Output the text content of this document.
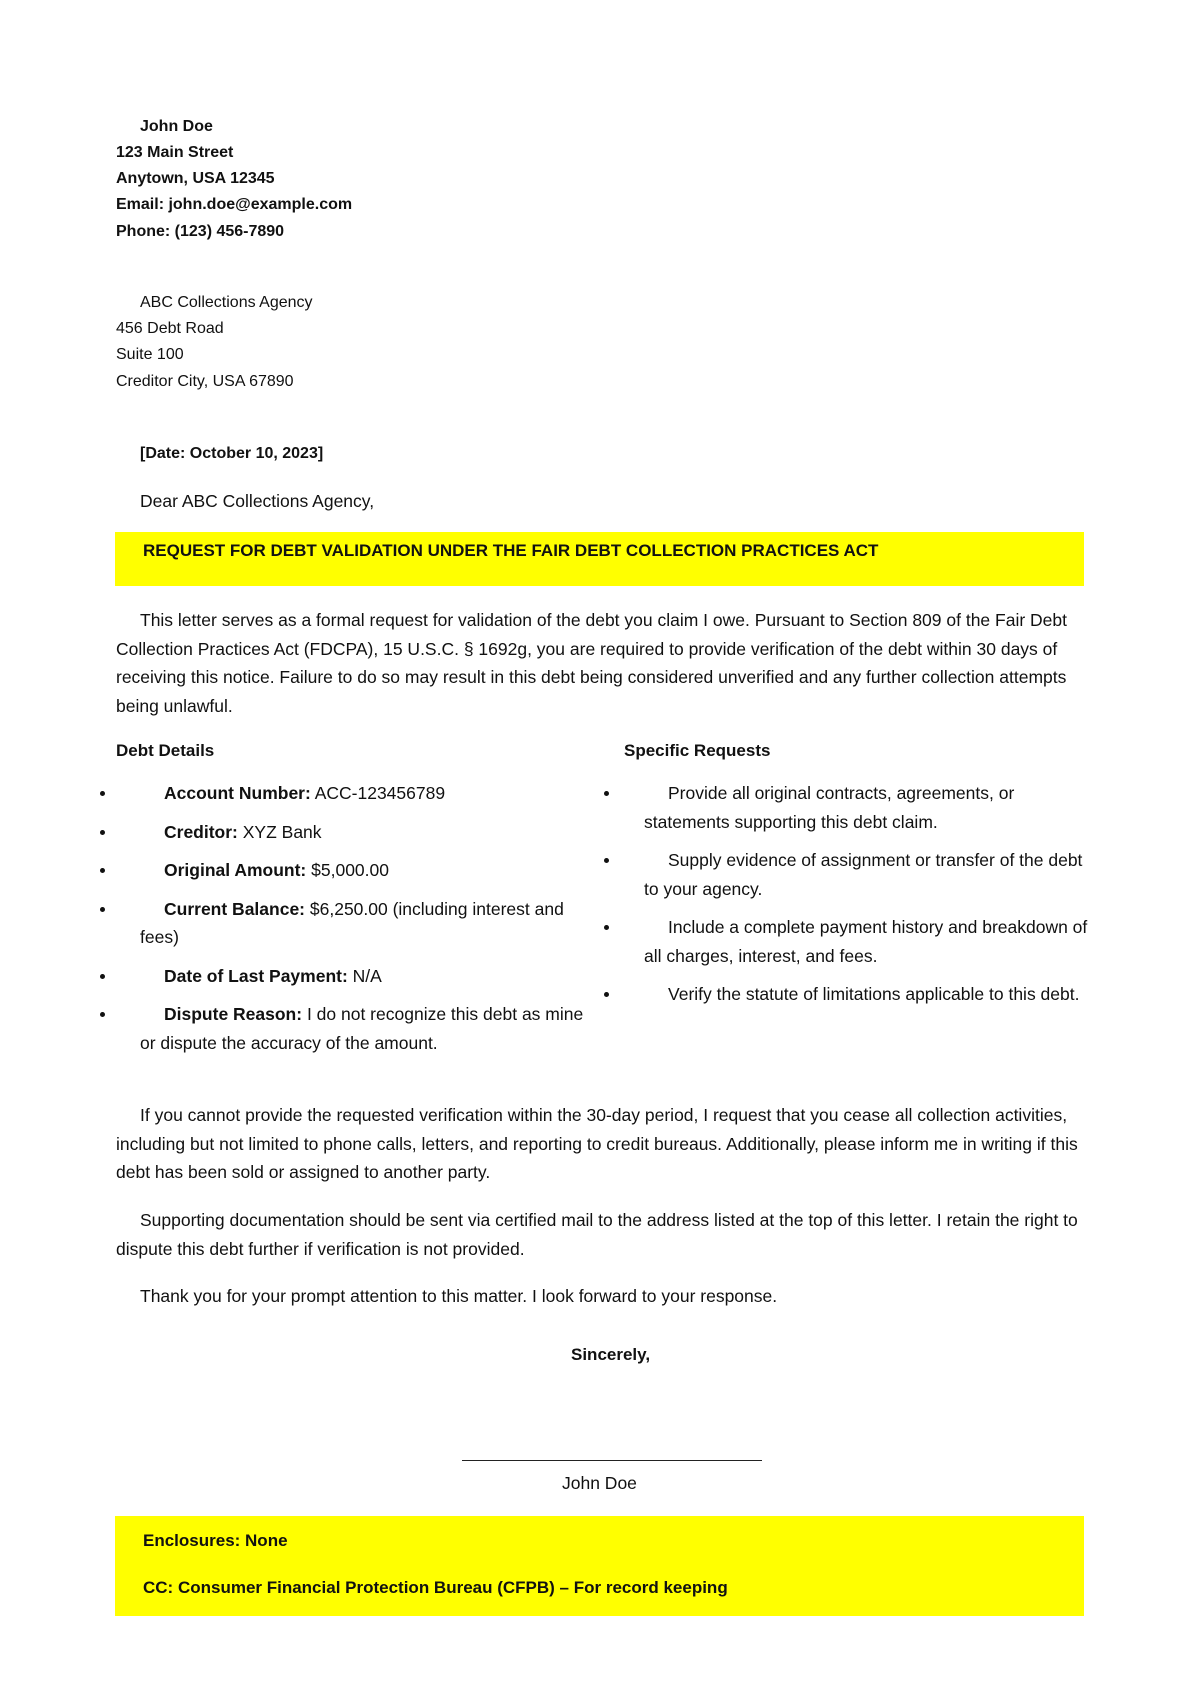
John Doe
123 Main Street
Anytown, USA 12345
Email: john.doe@example.com
Phone: (123) 456-7890
ABC Collections Agency
456 Debt Road
Suite 100
Creditor City, USA 67890
[Date: October 10, 2023]
Dear ABC Collections Agency,
REQUEST FOR DEBT VALIDATION UNDER THE FAIR DEBT COLLECTION PRACTICES ACT

This letter serves as a formal request for validation of the debt you claim I owe. Pursuant to Section 809 of the Fair Debt Collection Practices Act (FDCPA), 15 U.S.C. § 1692g, you are required to provide verification of the debt within 30 days of receiving this notice. Failure to do so may result in this debt being considered unverified and any further collection attempts being unlawful.

Debt Details
Account Number: ACC-123456789
Creditor: XYZ Bank
Original Amount: $5,000.00
Current Balance: $6,250.00 (including interest and fees)
Date of Last Payment: N/A
Dispute Reason: I do not recognize this debt as mine or dispute the accuracy of the amount.
Specific Requests
Provide all original contracts, agreements, or statements supporting this debt claim.
Supply evidence of assignment or transfer of the debt to your agency.
Include a complete payment history and breakdown of all charges, interest, and fees.
Verify the statute of limitations applicable to this debt.

If you cannot provide the requested verification within the 30-day period, I request that you cease all collection activities, including but not limited to phone calls, letters, and reporting to credit bureaus. Additionally, please inform me in writing if this debt has been sold or assigned to another party.

Supporting documentation should be sent via certified mail to the address listed at the top of this letter. I retain the right to dispute this debt further if verification is not provided.

Thank you for your prompt attention to this matter. I look forward to your response.

Sincerely,
John Doe
Enclosures: None
CC: Consumer Financial Protection Bureau (CFPB) – For record keeping
